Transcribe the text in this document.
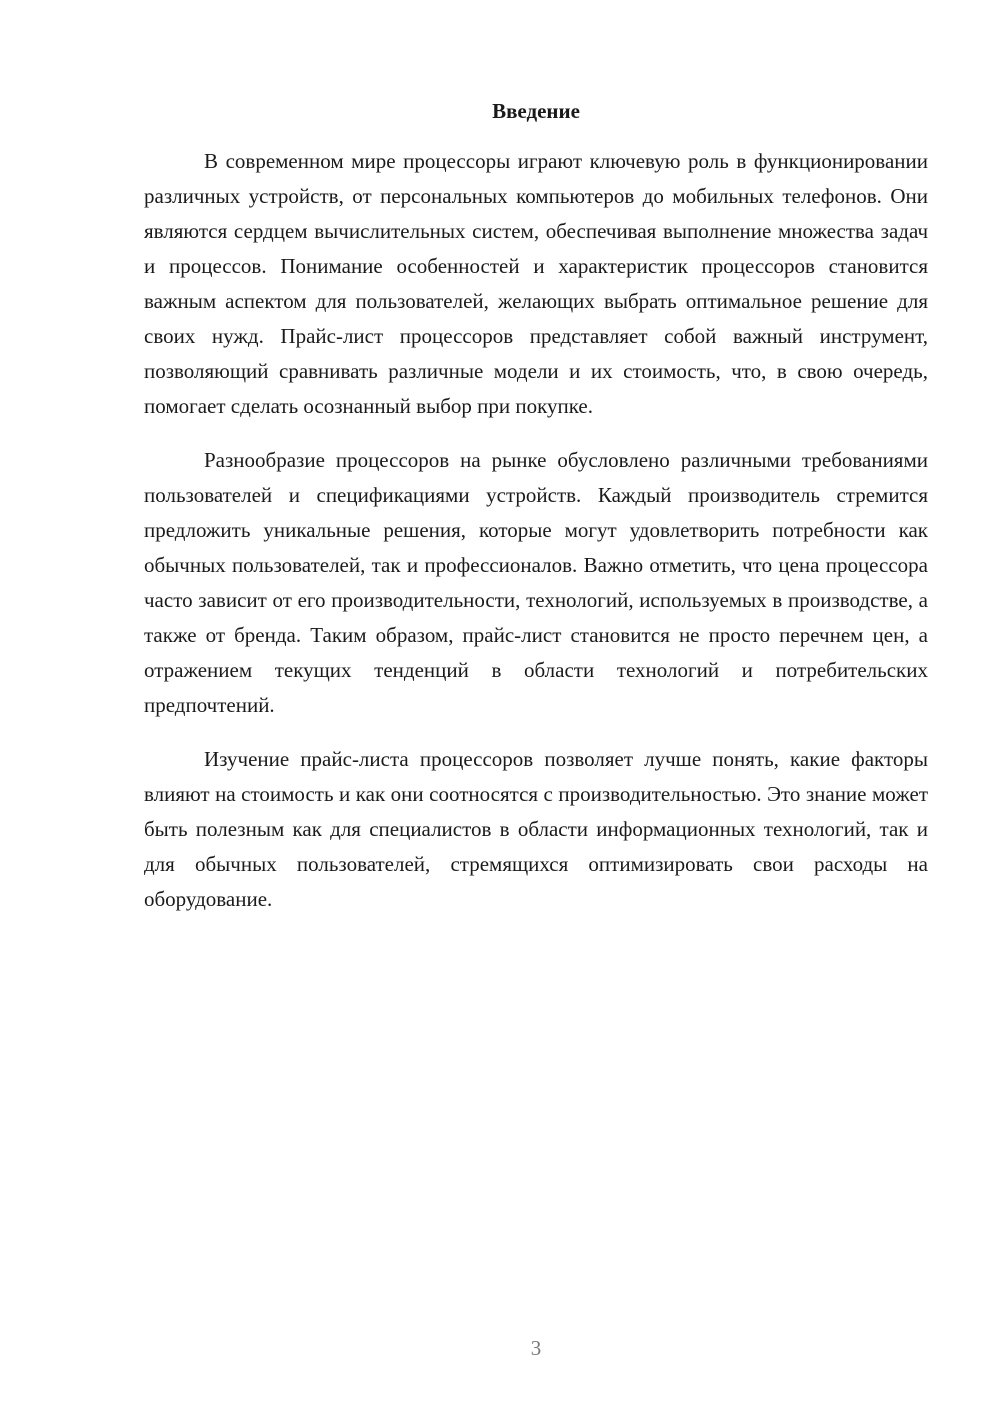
Введение

В современном мире процессоры играют ключевую роль в функционировании различных устройств, от персональных компьютеров до мобильных телефонов. Они являются сердцем вычислительных систем, обеспечивая выполнение множества задач и процессов. Понимание особенностей и характеристик процессоров становится важным аспектом для пользователей, желающих выбрать оптимальное решение для своих нужд. Прайс-лист процессоров представляет собой важный инструмент, позволяющий сравнивать различные модели и их стоимость, что, в свою очередь, помогает сделать осознанный выбор при покупке.

Разнообразие процессоров на рынке обусловлено различными требованиями пользователей и спецификациями устройств. Каждый производитель стремится предложить уникальные решения, которые могут удовлетворить потребности как обычных пользователей, так и профессионалов. Важно отметить, что цена процессора часто зависит от его производительности, технологий, используемых в производстве, а также от бренда. Таким образом, прайс-лист становится не просто перечнем цен, а отражением текущих тенденций в области технологий и потребительских предпочтений.

Изучение прайс-листа процессоров позволяет лучше понять, какие факторы влияют на стоимость и как они соотносятся с производительностью. Это знание может быть полезным как для специалистов в области информационных технологий, так и для обычных пользователей, стремящихся оптимизировать свои расходы на оборудование.

3
